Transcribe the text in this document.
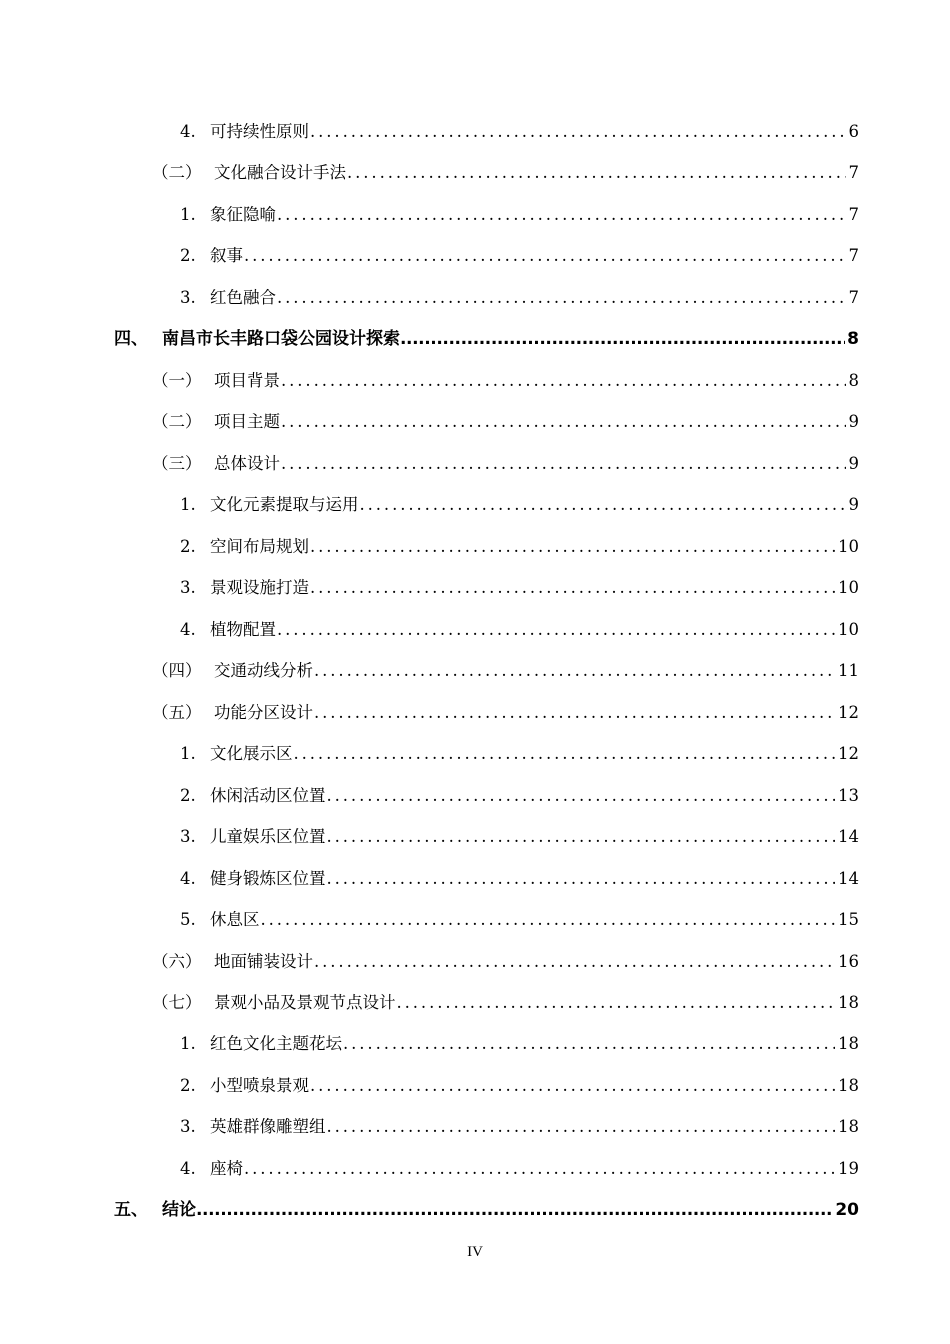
4. 可持续性原则 .....	6
（二） 文化融合设计手法 .....	7
1. 象征隐喻 .....	7
2. 叙事 .....	7
3. 红色融合 .....	7
四、 南昌市长丰路口袋公园设计探索 .....	8
（一） 项目背景 .....	8
（二） 项目主题 .....	9
（三） 总体设计 .....	9
1. 文化元素提取与运用 .....	9
2. 空间布局规划 .....	10
3. 景观设施打造 .....	10
4. 植物配置 .....	10
（四） 交通动线分析 .....	11
（五） 功能分区设计 .....	12
1. 文化展示区 .....	12
2. 休闲活动区位置 .....	13
3. 儿童娱乐区位置 .....	14
4. 健身锻炼区位置 .....	14
5. 休息区 .....	15
（六） 地面铺装设计 .....	16
（七） 景观小品及景观节点设计 .....	18
1. 红色文化主题花坛 .....	18
2. 小型喷泉景观 .....	18
3. 英雄群像雕塑组 .....	18
4. 座椅 .....	19
五、 结论 .....	20
IV
